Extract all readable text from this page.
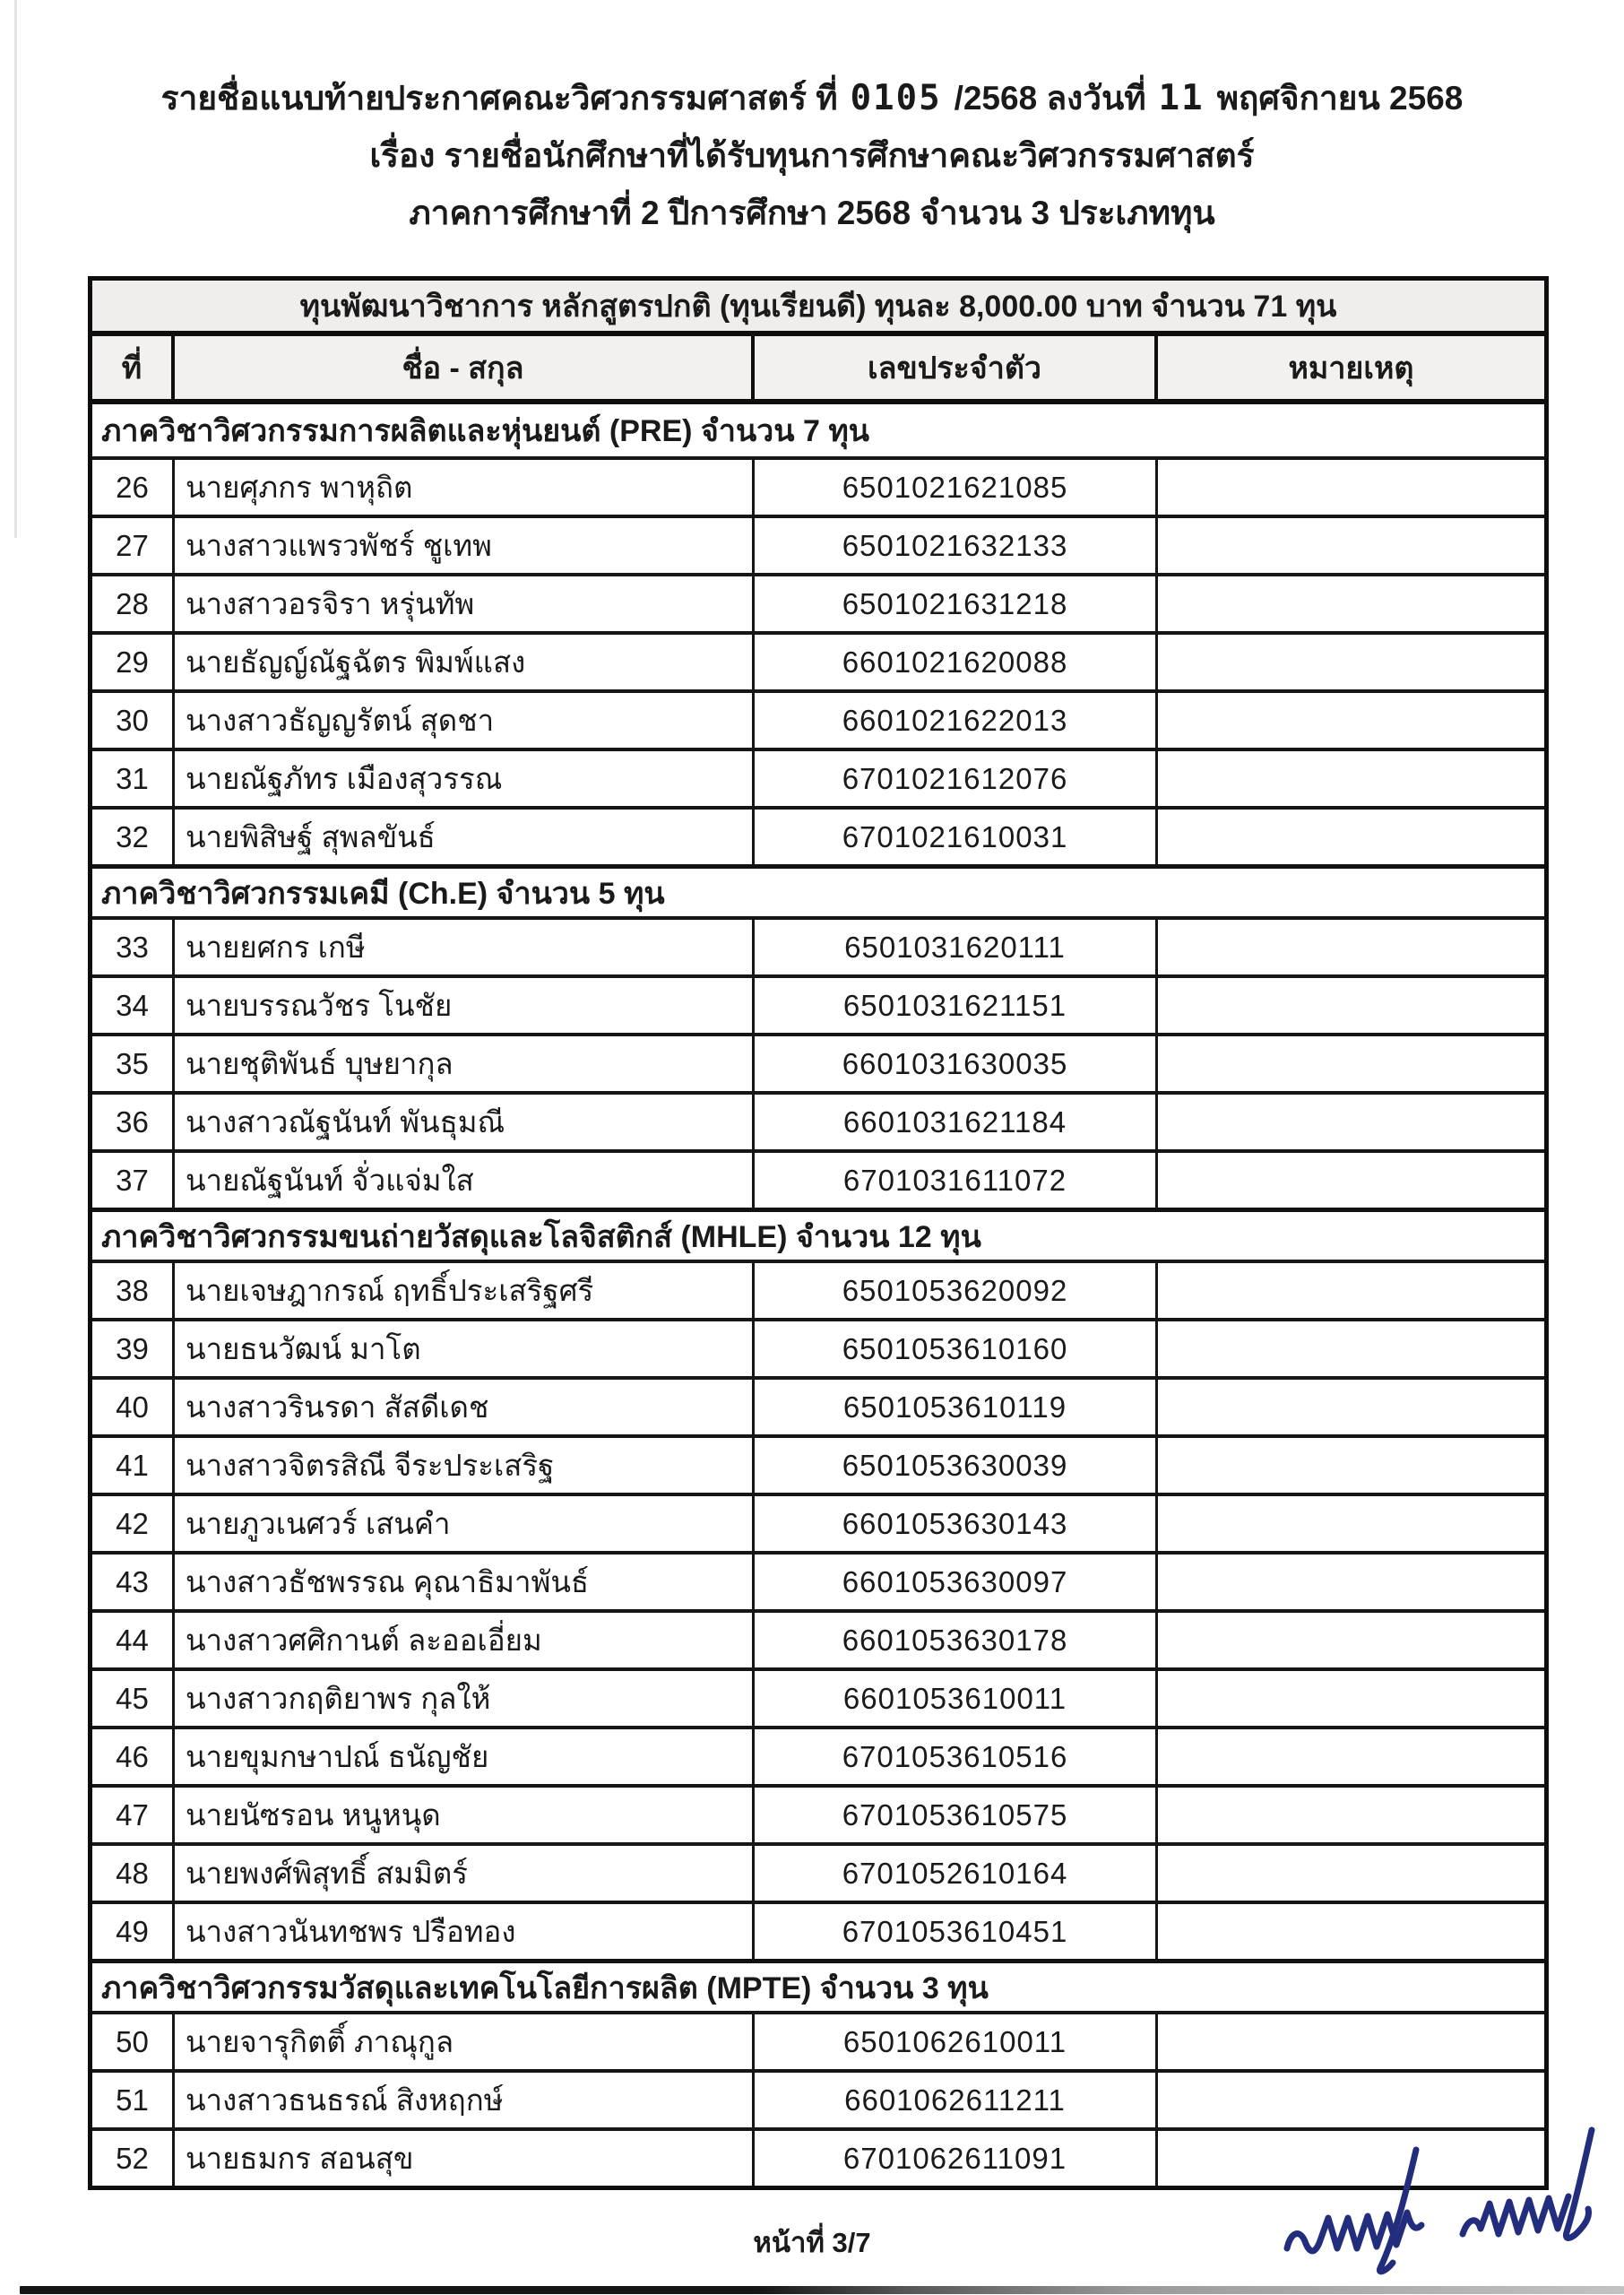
รายชื่อแนบท้ายประกาศคณะวิศวกรรมศาสตร์ ที่ 0105 /2568 ลงวันที่ 11 พฤศจิกายน 2568
เรื่อง รายชื่อนักศึกษาที่ได้รับทุนการศึกษาคณะวิศวกรรมศาสตร์
ภาคการศึกษาที่ 2 ปีการศึกษา 2568 จำนวน 3 ประเภททุน
ทุนพัฒนาวิชาการ หลักสูตรปกติ (ทุนเรียนดี) ทุนละ 8,000.00 บาท จำนวน 71 ทุน
ที่	ชื่อ - สกุล	เลขประจำตัว	หมายเหตุ
ภาควิชาวิศวกรรมการผลิตและหุ่นยนต์ (PRE) จำนวน 7 ทุน
26	นายศุภกร พาหุถิต	6501021621085
27	นางสาวแพรวพัชร์ ชูเทพ	6501021632133
28	นางสาวอรจิรา หรุ่นทัพ	6501021631218
29	นายธัญญ์ณัฐฉัตร พิมพ์แสง	6601021620088
30	นางสาวธัญญรัตน์ สุดชา	6601021622013
31	นายณัฐภัทร เมืองสุวรรณ	6701021612076
32	นายพิสิษฐ์ สุพลขันธ์	6701021610031
ภาควิชาวิศวกรรมเคมี (Ch.E) จำนวน 5 ทุน
33	นายยศกร เกษี	6501031620111
34	นายบรรณวัชร โนชัย	6501031621151
35	นายชุติพันธ์ บุษยากุล	6601031630035
36	นางสาวณัฐนันท์ พันธุมณี	6601031621184
37	นายณัฐนันท์ จั่วแจ่มใส	6701031611072
ภาควิชาวิศวกรรมขนถ่ายวัสดุและโลจิสติกส์ (MHLE) จำนวน 12 ทุน
38	นายเจษฎากรณ์ ฤทธิ์ประเสริฐศรี	6501053620092
39	นายธนวัฒน์ มาโต	6501053610160
40	นางสาวรินรดา สัสดีเดช	6501053610119
41	นางสาวจิตรสิณี จีระประเสริฐ	6501053630039
42	นายภูวเนศวร์ เสนคำ	6601053630143
43	นางสาวธัชพรรณ คุณาธิมาพันธ์	6601053630097
44	นางสาวศศิกานต์ ละออเอี่ยม	6601053630178
45	นางสาวกฤติยาพร กุลให้	6601053610011
46	นายขุมกษาปณ์ ธนัญชัย	6701053610516
47	นายนัซรอน หนูหนุด	6701053610575
48	นายพงศ์พิสุทธิ์ สมมิตร์	6701052610164
49	นางสาวนันทชพร ปรือทอง	6701053610451
ภาควิชาวิศวกรรมวัสดุและเทคโนโลยีการผลิต (MPTE) จำนวน 3 ทุน
50	นายจารุกิตติ์ ภาณุกูล	6501062610011
51	นางสาวธนธรณ์ สิงหฤกษ์	6601062611211
52	นายธมกร สอนสุข	6701062611091
หน้าที่ 3/7
